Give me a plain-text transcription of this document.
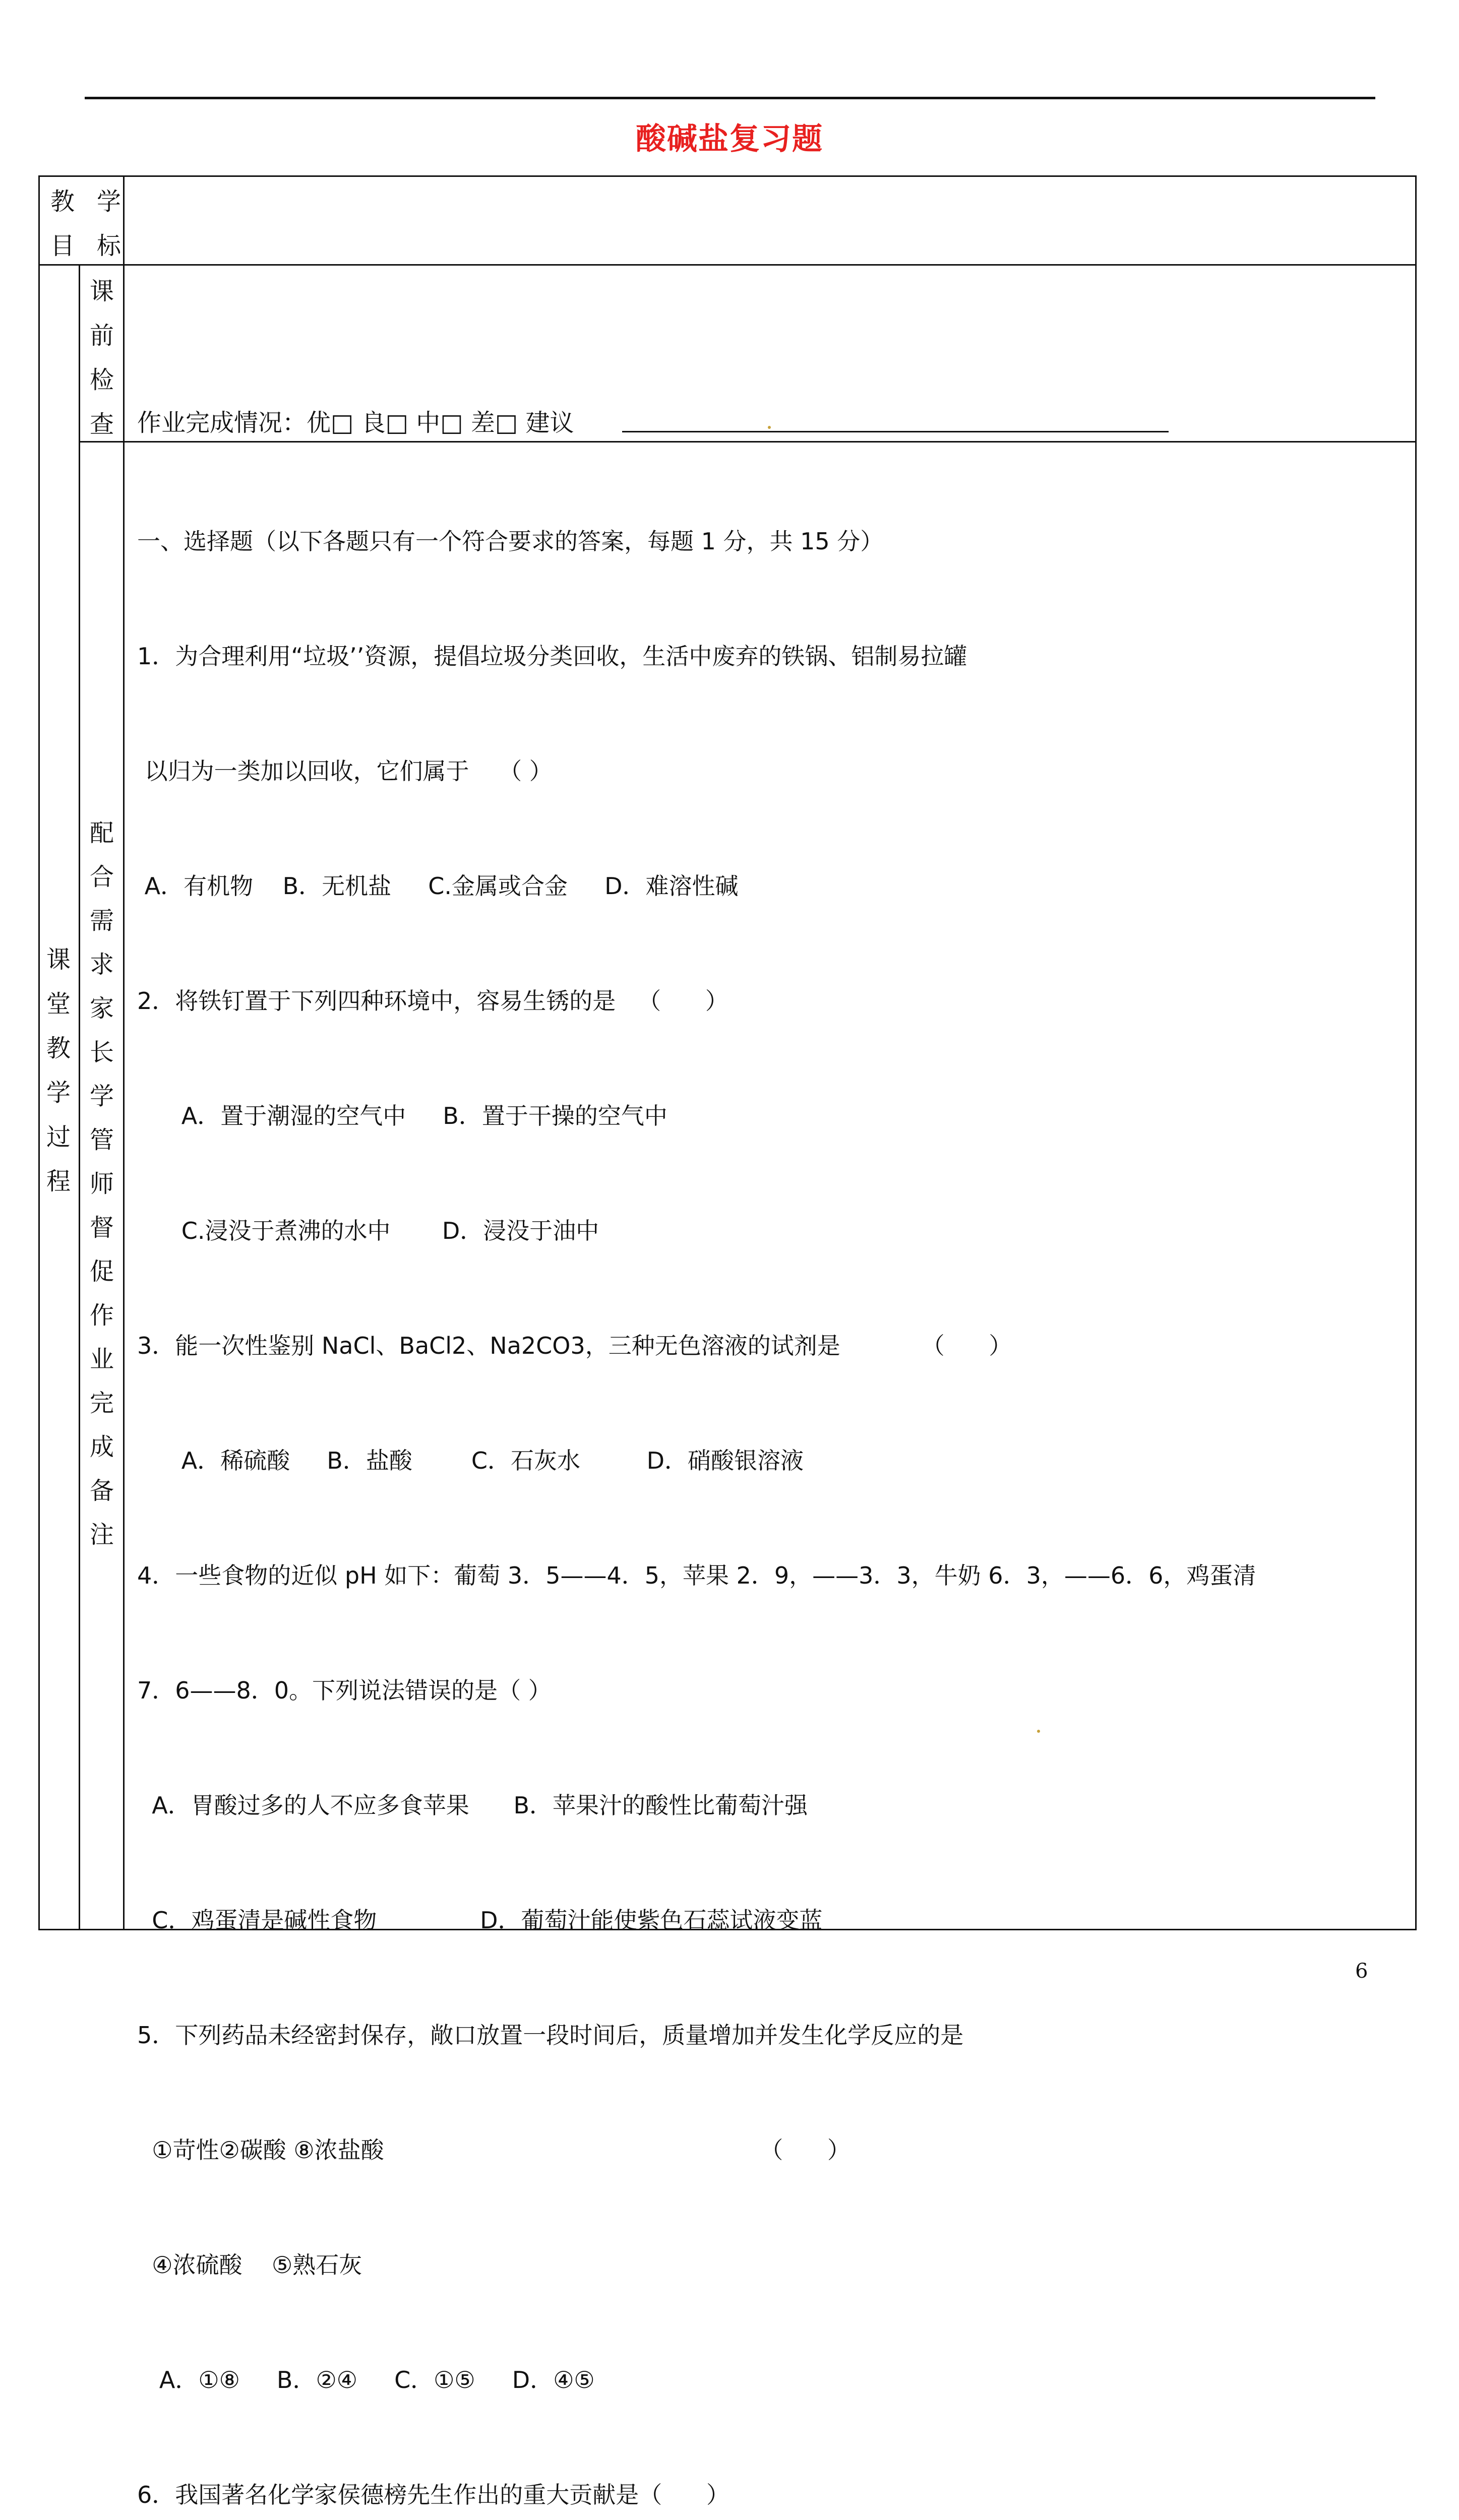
酸碱盐复习题
教 学
目 标
课
前
检
查 作业完成情况：优□ 良□ 中□ 差□ 建议
课
堂
教
学
过
程
配
合
需
求
家
长
学
管
师
督
促
作
业
完
成
备
注

一、选择题（以下各题只有一个符合要求的答案，每题 1 分，共 15 分）

1．为合理利用“垃圾’’资源，提倡垃圾分类回收，生活中废弃的铁锅、铝制易拉罐

以归为一类加以回收，它们属于    （ ）

A．有机物    B．无机盐     C.金属或合金     D．难溶性碱

2．将铁钉置于下列四种环境中，容易生锈的是   （      ）

A．置于潮湿的空气中     B．置于干操的空气中

C.浸没于煮沸的水中       D．浸没于油中

3．能一次性鉴别 NaCl、BaCl2、Na2CO3，三种无色溶液的试剂是           （      ）

A．稀硫酸     B．盐酸        C．石灰水         D．硝酸银溶液

4．一些食物的近似 pH 如下：葡萄 3．5——4．5，苹果 2．9，——3．3，牛奶 6．3，——6．6，鸡蛋清

7．6——8．0。下列说法错误的是（ ）

A．胃酸过多的人不应多食苹果      B．苹果汁的酸性比葡萄汁强

C．鸡蛋清是碱性食物              D．葡萄汁能使紫色石蕊试液变蓝

5．下列药品未经密封保存，敞口放置一段时间后，质量增加并发生化学反应的是

①苛性②碳酸 ⑧浓盐酸                                                   （      ）

④浓硫酸    ⑤熟石灰

A．①⑧     B．②④     C．①⑤     D．④⑤

6．我国著名化学家侯德榜先生作出的重大贡献是（      ）

6
